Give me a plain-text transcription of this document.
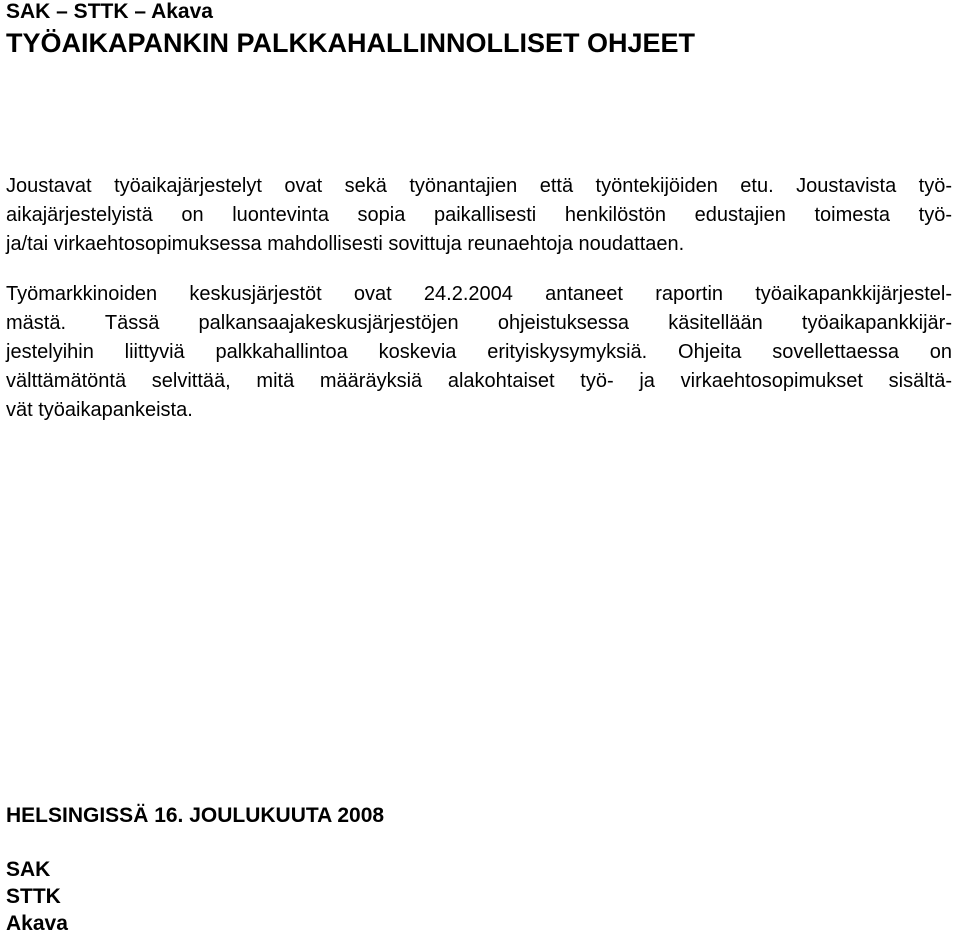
SAK – STTK – Akava
TYÖAIKAPANKIN PALKKAHALLINNOLLISET OHJEET
Joustavat työaikajärjestelyt ovat sekä työnantajien että työntekijöiden etu. Joustavista työ-
aikajärjestelyistä on luontevinta sopia paikallisesti henkilöstön edustajien toimesta työ-
ja/tai virkaehtosopimuksessa mahdollisesti sovittuja reunaehtoja noudattaen.
Työmarkkinoiden keskusjärjestöt ovat 24.2.2004 antaneet raportin työaikapankkijärjestel-
mästä. Tässä palkansaajakeskusjärjestöjen ohjeistuksessa käsitellään työaikapankkijär-
jestelyihin liittyviä palkkahallintoa koskevia erityiskysymyksiä. Ohjeita sovellettaessa on
välttämätöntä selvittää, mitä määräyksiä alakohtaiset työ- ja virkaehtosopimukset sisältä-
vät työaikapankeista.
HELSINGISSÄ 16. JOULUKUUTA 2008
SAK
STTK
Akava
